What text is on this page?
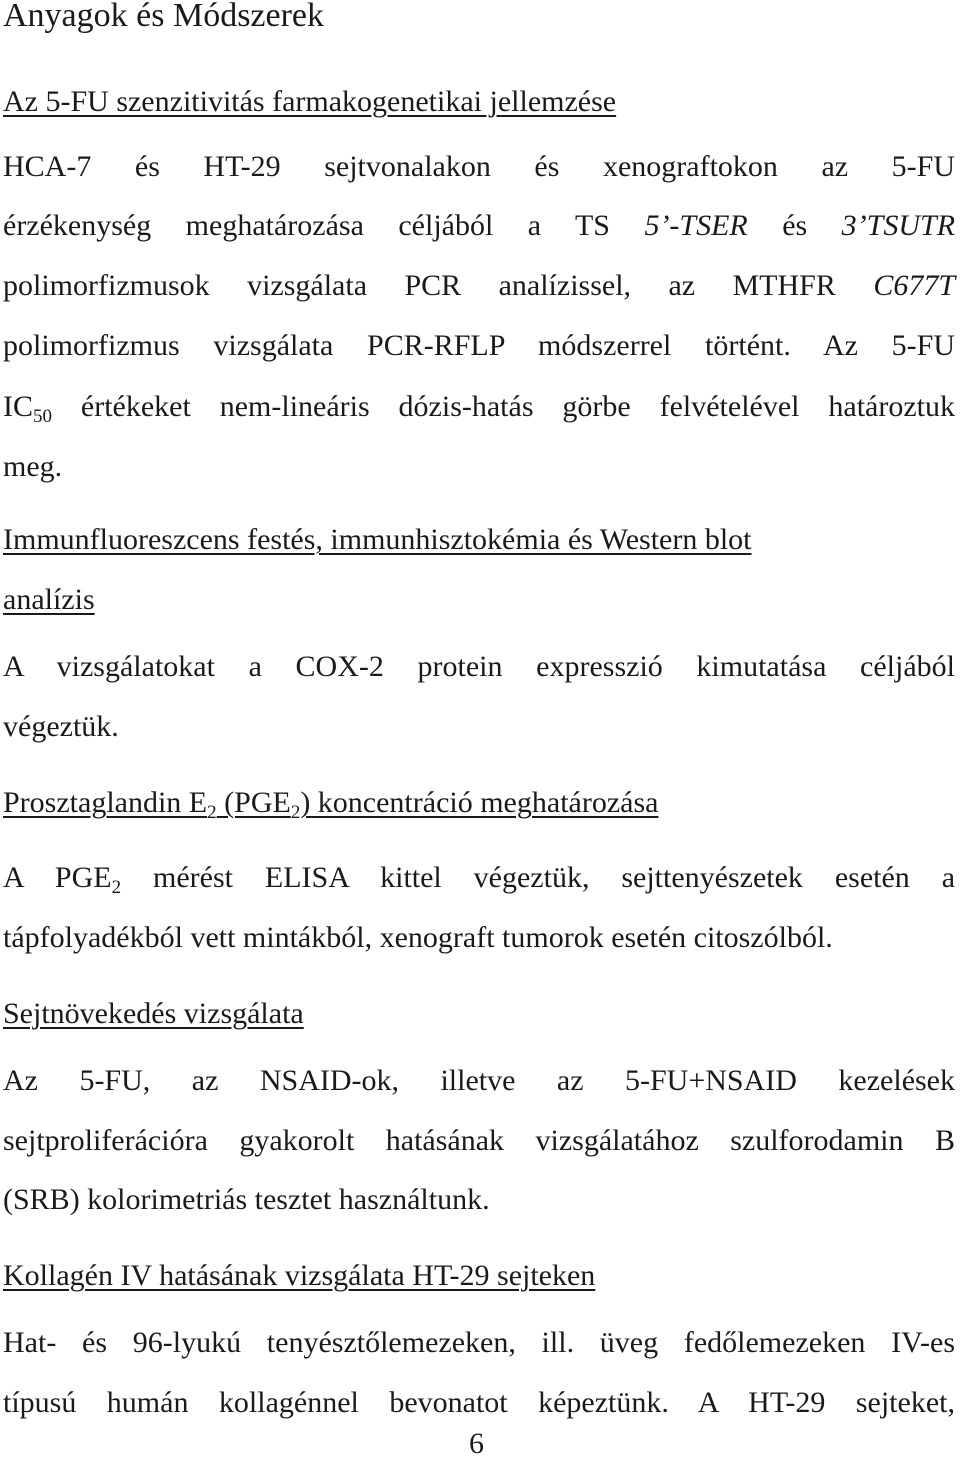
Anyagok és Módszerek
Az 5-FU szenzitivitás farmakogenetikai jellemzése
HCA-7 és HT-29 sejtvonalakon és xenograftokon az 5-FU
érzékenység meghatározása céljából a TS 5’-TSER és 3’TSUTR
polimorfizmusok vizsgálata PCR analízissel, az MTHFR C677T
polimorfizmus vizsgálata PCR-RFLP módszerrel történt. Az 5-FU
$IC_{50}$ értékeket nem-lineáris dózis-hatás görbe felvételével határoztuk
meg.
Immunfluoreszcens festés, immunhisztokémia és Western blot
analízis
A vizsgálatokat a COX-2 protein expresszió kimutatása céljából
végeztük.
Prosztaglandin $E_2$ $(PGE_2)$ koncentráció meghatározása
A $PGE_2$ mérést ELISA kittel végeztük, sejttenyészetek esetén a
tápfolyadékból vett mintákból, xenograft tumorok esetén citoszólból.
Sejtnövekedés vizsgálata
Az 5-FU, az NSAID-ok, illetve az 5-FU+NSAID kezelések
sejtproliferációra gyakorolt hatásának vizsgálatához szulforodamin B
(SRB) kolorimetriás tesztet használtunk.
Kollagén IV hatásának vizsgálata HT-29 sejteken
Hat- és 96-lyukú tenyésztőlemezeken, ill. üveg fedőlemezeken IV-es
típusú humán kollagénnel bevonatot képeztünk. A HT-29 sejteket,
6
